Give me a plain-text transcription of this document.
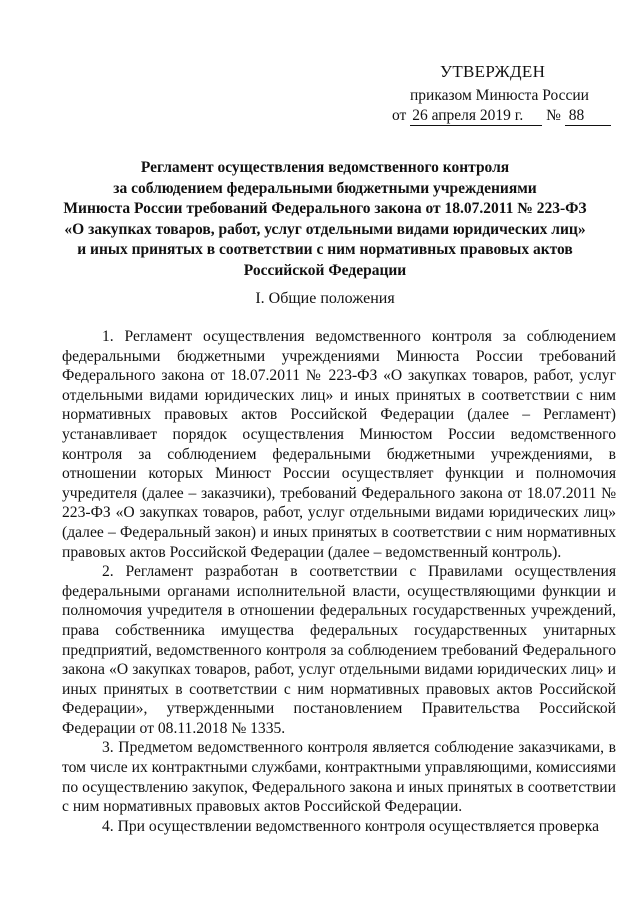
УТВЕРЖДЕН
приказом Минюста России
от 26 апреля 2019 г. № 88
Регламент осуществления ведомственного контроля
за соблюдением федеральными бюджетными учреждениями
Минюста России требований Федерального закона от 18.07.2011 № 223-ФЗ
«О закупках товаров, работ, услуг отдельными видами юридических лиц»
и иных принятых в соответствии с ним нормативных правовых актов
Российской Федерации
I. Общие положения

1. Регламент осуществления ведомственного контроля за соблюдением федеральными бюджетными учреждениями Минюста России требований Федерального закона от 18.07.2011 № 223-ФЗ «О закупках товаров, работ, услуг отдельными видами юридических лиц» и иных принятых в соответствии с ним нормативных правовых актов Российской Федерации (далее – Регламент) устанавливает порядок осуществления Минюстом России ведомственного контроля за соблюдением федеральными бюджетными учреждениями, в отношении которых Минюст России осуществляет функции и полномочия учредителя (далее – заказчики), требований Федерального закона от 18.07.2011 № 223-ФЗ «О закупках товаров, работ, услуг отдельными видами юридических лиц» (далее – Федеральный закон) и иных принятых в соответствии с ним нормативных правовых актов Российской Федерации (далее – ведомственный контроль).

2. Регламент разработан в соответствии с Правилами осуществления федеральными органами исполнительной власти, осуществляющими функции и полномочия учредителя в отношении федеральных государственных учреждений, права собственника имущества федеральных государственных унитарных предприятий, ведомственного контроля за соблюдением требований Федерального закона «О закупках товаров, работ, услуг отдельными видами юридических лиц» и иных принятых в соответствии с ним нормативных правовых актов Российской Федерации», утвержденными постановлением Правительства Российской Федерации от 08.11.2018 № 1335.

3. Предметом ведомственного контроля является соблюдение заказчиками, в том числе их контрактными службами, контрактными управляющими, комиссиями по осуществлению закупок, Федерального закона и иных принятых в соответствии с ним нормативных правовых актов Российской Федерации.

4. При осуществлении ведомственного контроля осуществляется проверка
